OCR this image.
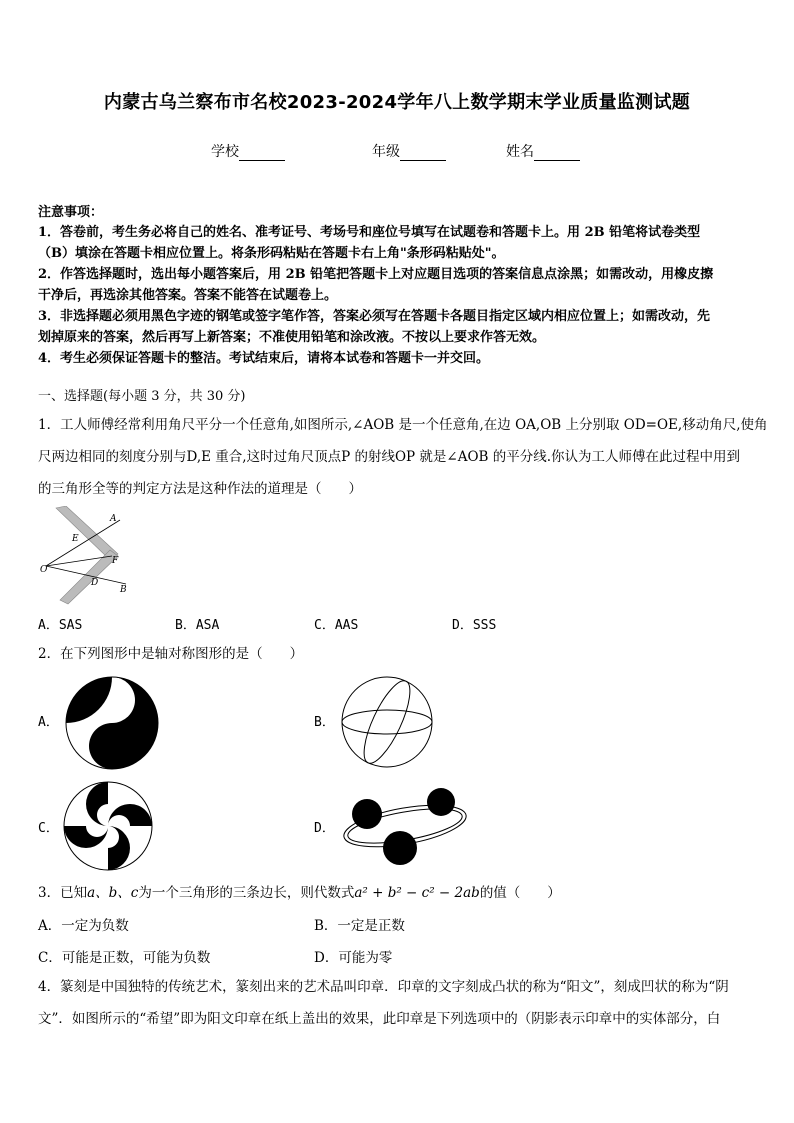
内蒙古乌兰察布市名校2023-2024学年八上数学期末学业质量监测试题
学校	年级	姓名
注意事项：
1．答卷前，考生务必将自己的姓名、准考证号、考场号和座位号填写在试题卷和答题卡上。用 2B 铅笔将试卷类型
（B）填涂在答题卡相应位置上。将条形码粘贴在答题卡右上角"条形码粘贴处"。
2．作答选择题时，选出每小题答案后，用 2B 铅笔把答题卡上对应题目选项的答案信息点涂黑；如需改动，用橡皮擦
干净后，再选涂其他答案。答案不能答在试题卷上。
3．非选择题必须用黑色字迹的钢笔或签字笔作答，答案必须写在答题卡各题目指定区域内相应位置上；如需改动，先
划掉原来的答案，然后再写上新答案；不准使用铅笔和涂改液。不按以上要求作答无效。
4．考生必须保证答题卡的整洁。考试结束后，请将本试卷和答题卡一并交回。
一、选择题(每小题 3 分，共 30 分)
1．工人师傅经常利用角尺平分一个任意角,如图所示,∠AOB 是一个任意角,在边 OA,OB 上分别取 OD=OE,移动角尺,使角
尺两边相同的刻度分别与D,E 重合,这时过角尺顶点P 的射线OP 就是∠AOB 的平分线.你认为工人师傅在此过程中用到
的三角形全等的判定方法是这种作法的道理是（　　）
A
E
F
O
D
B
A．SAS	B．ASA	C．AAS	D．SSS
2．在下列图形中是轴对称图形的是（　　）
A．	B．
C．	D．
3．已知a、b、c为一个三角形的三条边长，则代数式a² + b² − c² − 2ab的值（　　）
A．一定为负数	B．一定是正数
C．可能是正数，可能为负数	D．可能为零
4．篆刻是中国独特的传统艺术，篆刻出来的艺术品叫印章．印章的文字刻成凸状的称为“阳文”，刻成凹状的称为“阴
文”．如图所示的“希望”即为阳文印章在纸上盖出的效果，此印章是下列选项中的（阴影表示印章中的实体部分，白
